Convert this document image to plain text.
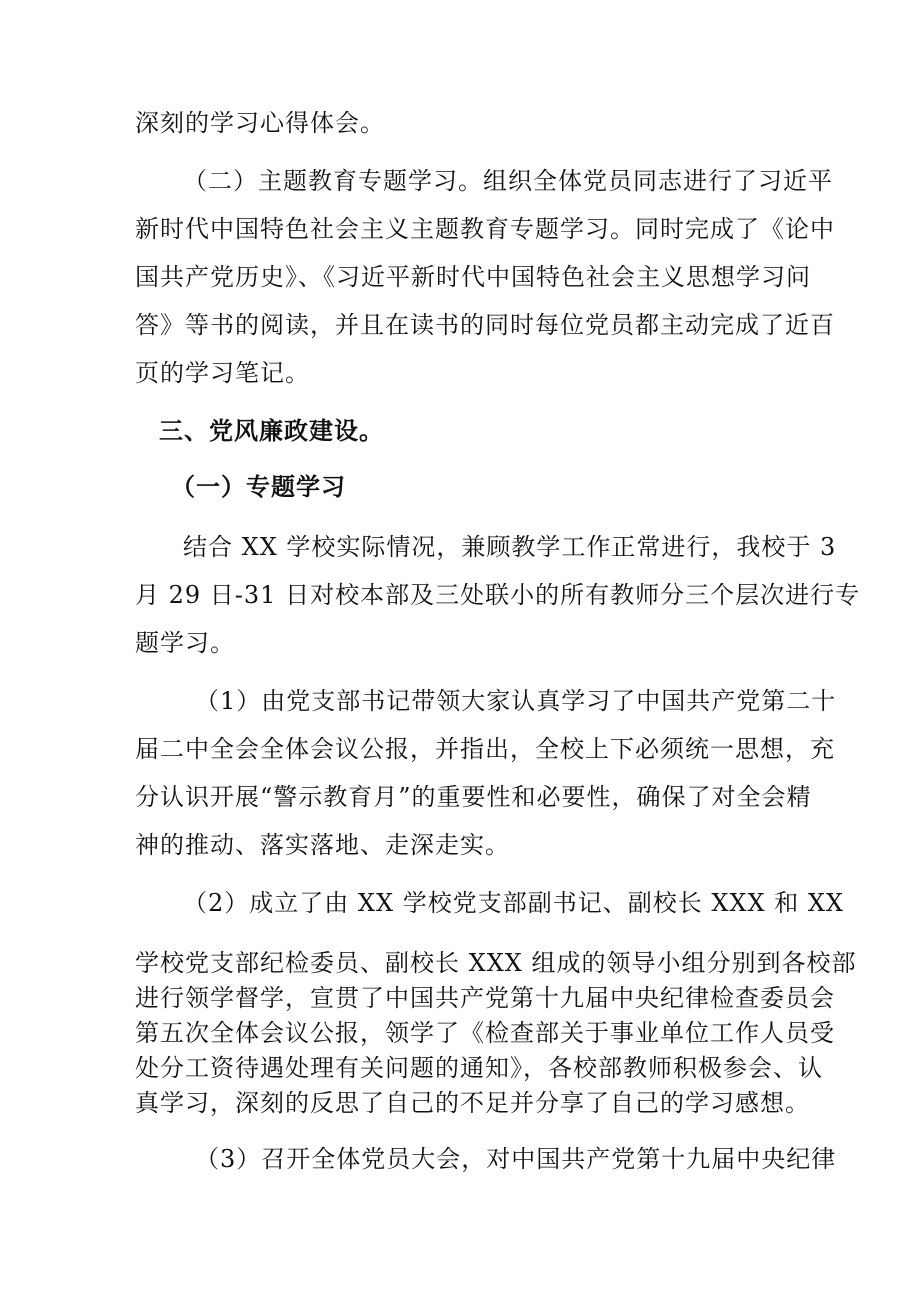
深刻的学习心得体会。
（二）主题教育专题学习。组织全体党员同志进行了习近平
新时代中国特色社会主义主题教育专题学习。同时完成了《论中
国共产党历史》、《习近平新时代中国特色社会主义思想学习问
答》等书的阅读，并且在读书的同时每位党员都主动完成了近百
页的学习笔记。
三、党风廉政建设。
（一）专题学习
结合 XX 学校实际情况，兼顾教学工作正常进行，我校于 3
月 29 日-31 日对校本部及三处联小的所有教师分三个层次进行专
题学习。
（1）由党支部书记带领大家认真学习了中国共产党第二十
届二中全会全体会议公报，并指出，全校上下必须统一思想，充
分认识开展“警示教育月”的重要性和必要性，确保了对全会精
神的推动、落实落地、走深走实。
（2）成立了由 XX 学校党支部副书记、副校长 XXX 和 XX
学校党支部纪检委员、副校长 XXX 组成的领导小组分别到各校部
进行领学督学，宣贯了中国共产党第十九届中央纪律检查委员会
第五次全体会议公报，领学了《检查部关于事业单位工作人员受
处分工资待遇处理有关问题的通知》，各校部教师积极参会、认
真学习，深刻的反思了自己的不足并分享了自己的学习感想。
（3）召开全体党员大会，对中国共产党第十九届中央纪律
